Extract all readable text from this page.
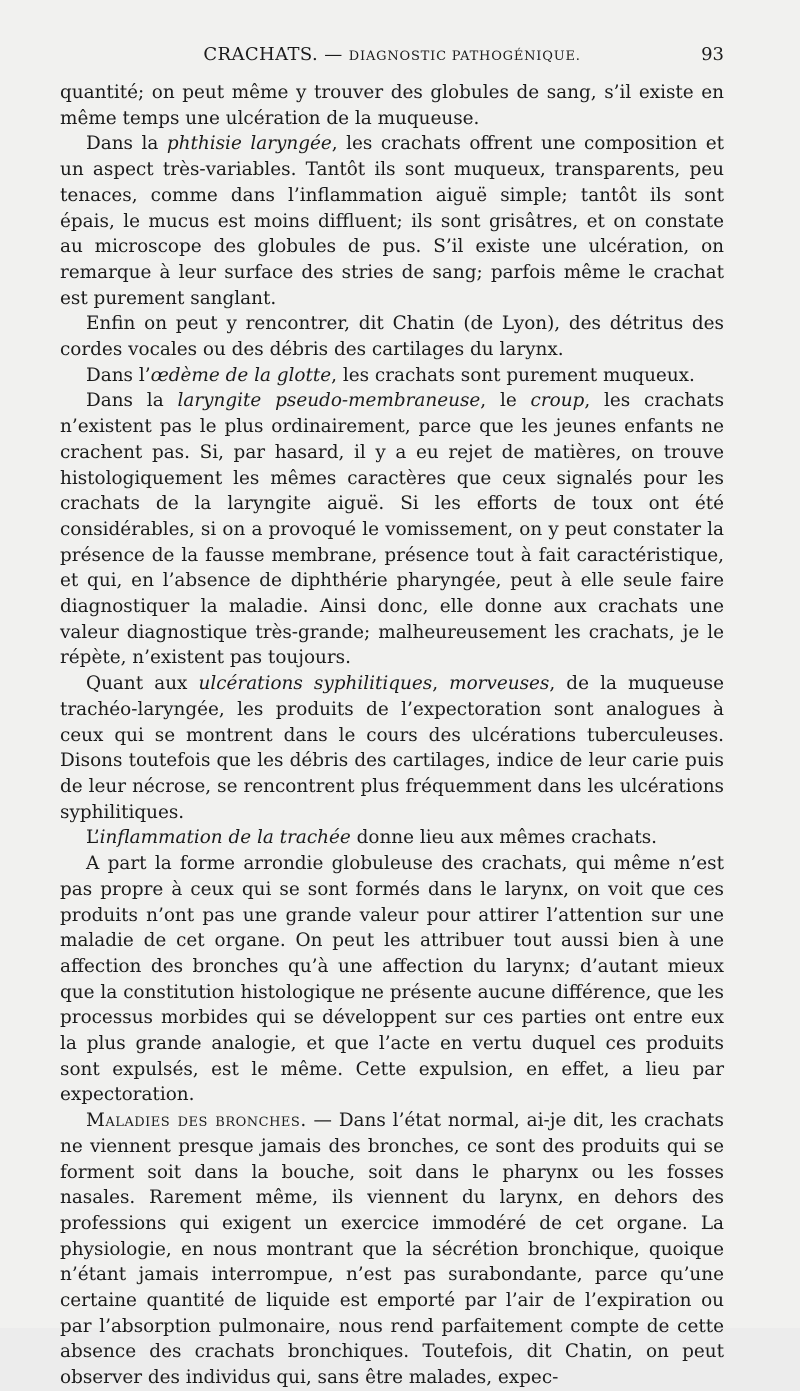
CRACHATS. — DIAGNOSTIC PATHOGÉNIQUE.	93

quantité; on peut même y trouver des globules de sang, s’il existe en même temps une ulcération de la muqueuse.

Dans la phthisie laryngée, les crachats offrent une composition et un aspect très-variables. Tantôt ils sont muqueux, transparents, peu tenaces, comme dans l’inflammation aiguë simple; tantôt ils sont épais, le mucus est moins diffluent; ils sont grisâtres, et on constate au microscope des globules de pus. S’il existe une ulcération, on remarque à leur surface des stries de sang; parfois même le crachat est purement sanglant.

Enfin on peut y rencontrer, dit Chatin (de Lyon), des détritus des cordes vocales ou des débris des cartilages du larynx.

Dans l’œdème de la glotte, les crachats sont purement muqueux.

Dans la laryngite pseudo-membraneuse, le croup, les crachats n’existent pas le plus ordinairement, parce que les jeunes enfants ne crachent pas. Si, par hasard, il y a eu rejet de matières, on trouve histologiquement les mêmes caractères que ceux signalés pour les crachats de la laryngite aiguë. Si les efforts de toux ont été considérables, si on a provoqué le vomissement, on y peut constater la présence de la fausse membrane, présence tout à fait caractéristique, et qui, en l’absence de diphthérie pharyngée, peut à elle seule faire diagnostiquer la maladie. Ainsi donc, elle donne aux crachats une valeur diagnostique très-grande; malheureusement les crachats, je le répète, n’existent pas toujours.

Quant aux ulcérations syphilitiques, morveuses, de la muqueuse trachéo-laryngée, les produits de l’expectoration sont analogues à ceux qui se montrent dans le cours des ulcérations tuberculeuses. Disons toutefois que les débris des cartilages, indice de leur carie puis de leur nécrose, se rencontrent plus fréquemment dans les ulcérations syphilitiques.

L’inflammation de la trachée donne lieu aux mêmes crachats.

A part la forme arrondie globuleuse des crachats, qui même n’est pas propre à ceux qui se sont formés dans le larynx, on voit que ces produits n’ont pas une grande valeur pour attirer l’attention sur une maladie de cet organe. On peut les attribuer tout aussi bien à une affection des bronches qu’à une affection du larynx; d’autant mieux que la constitution histologique ne présente aucune différence, que les processus morbides qui se développent sur ces parties ont entre eux la plus grande analogie, et que l’acte en vertu duquel ces produits sont expulsés, est le même. Cette expulsion, en effet, a lieu par expectoration.

Maladies des bronches. — Dans l’état normal, ai-je dit, les crachats ne viennent presque jamais des bronches, ce sont des produits qui se forment soit dans la bouche, soit dans le pharynx ou les fosses nasales. Rarement même, ils viennent du larynx, en dehors des professions qui exigent un exercice immodéré de cet organe. La physiologie, en nous montrant que la sécrétion bronchique, quoique n’étant jamais interrompue, n’est pas surabondante, parce qu’une certaine quantité de liquide est emporté par l’air de l’expiration ou par l’absorption pulmonaire, nous rend parfaitement compte de cette absence des crachats bronchiques. Toutefois, dit Chatin, on peut observer des individus qui, sans être malades, expec-
